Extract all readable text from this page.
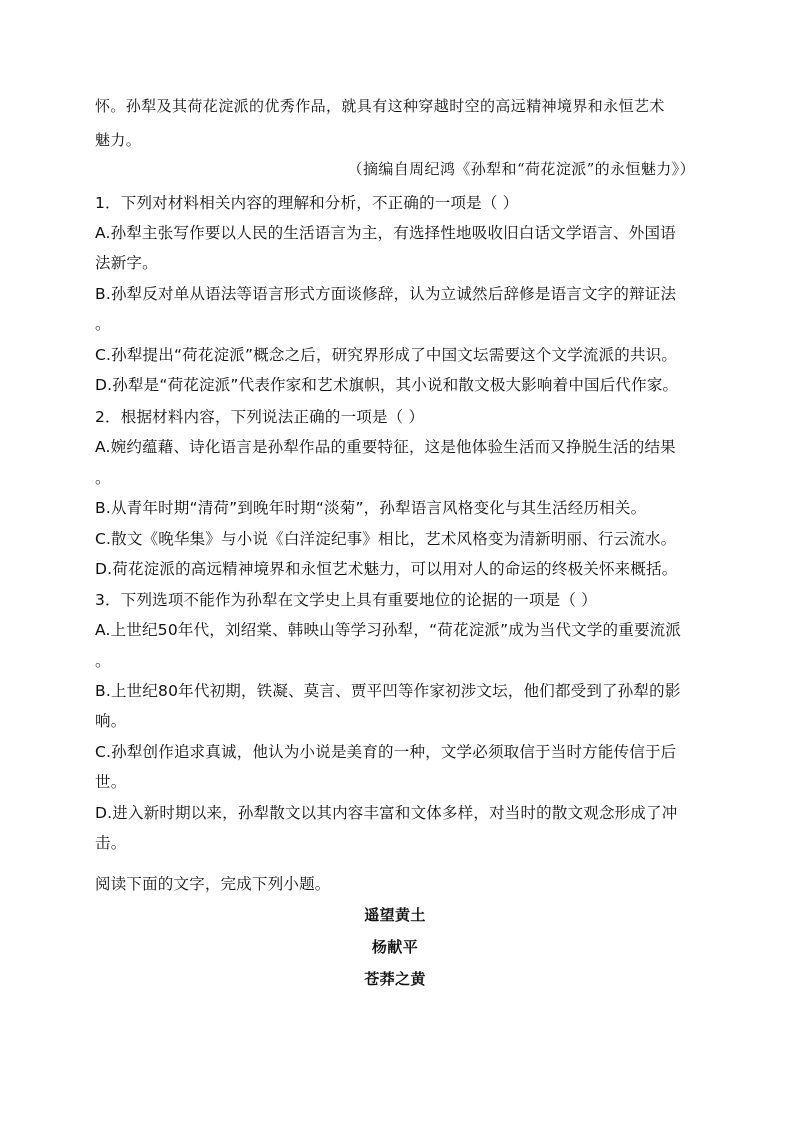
怀。孙犁及其荷花淀派的优秀作品，就具有这种穿越时空的高远精神境界和永恒艺术
魅力。
（摘编自周纪鸿《孙犁和“荷花淀派”的永恒魅力》）
1．下列对材料相关内容的理解和分析，不正确的一项是（ ）
A.孙犁主张写作要以人民的生活语言为主，有选择性地吸收旧白话文学语言、外国语
法新字。
B.孙犁反对单从语法等语言形式方面谈修辞，认为立诚然后辞修是语言文字的辩证法
。
C.孙犁提出“荷花淀派”概念之后，研究界形成了中国文坛需要这个文学流派的共识。
D.孙犁是“荷花淀派”代表作家和艺术旗帜，其小说和散文极大影响着中国后代作家。
2．根据材料内容，下列说法正确的一项是（ ）
A.婉约蕴藉、诗化语言是孙犁作品的重要特征，这是他体验生活而又挣脱生活的结果
。
B.从青年时期“清荷”到晚年时期“淡菊”，孙犁语言风格变化与其生活经历相关。
C.散文《晚华集》与小说《白洋淀纪事》相比，艺术风格变为清新明丽、行云流水。
D.荷花淀派的高远精神境界和永恒艺术魅力，可以用对人的命运的终极关怀来概括。
3．下列选项不能作为孙犁在文学史上具有重要地位的论据的一项是（ ）
A.上世纪50年代，刘绍棠、韩映山等学习孙犁，“荷花淀派”成为当代文学的重要流派
。
B.上世纪80年代初期，铁凝、莫言、贾平凹等作家初涉文坛，他们都受到了孙犁的影
响。
C.孙犁创作追求真诚，他认为小说是美育的一种，文学必须取信于当时方能传信于后
世。
D.进入新时期以来，孙犁散文以其内容丰富和文体多样，对当时的散文观念形成了冲
击。
阅读下面的文字，完成下列小题。
遥望黄土
杨献平
苍莽之黄
